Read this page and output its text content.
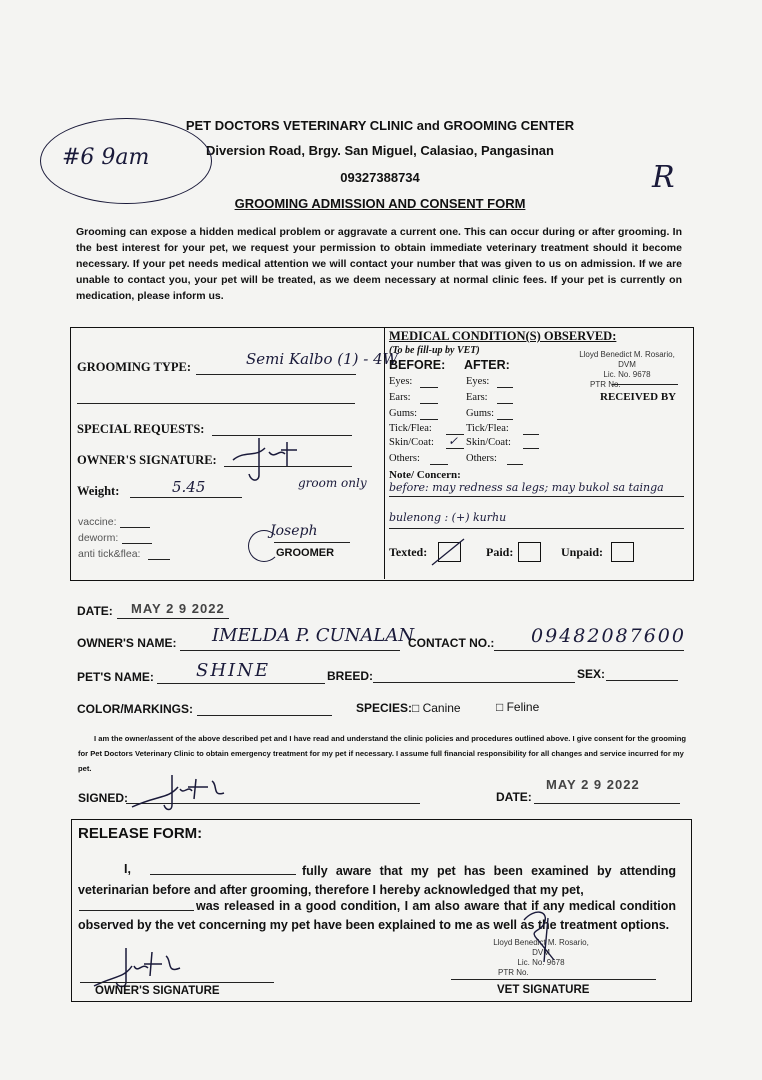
PET DOCTORS VETERINARY CLINIC and GROOMING CENTER
Diversion Road, Brgy. San Miguel, Calasiao, Pangasinan
09327388734
GROOMING ADMISSION AND CONSENT FORM
#6 9am
R
Grooming can expose a hidden medical problem or aggravate a current one. This can occur during or after grooming. In the best interest for your pet, we request your permission to obtain immediate veterinary treatment should it become necessary. If your pet needs medical attention we will contact your number that was given to us on admission. If we are unable to contact you, your pet will be treated, as we deem necessary at normal clinic fees. If your pet is currently on medication, please inform us.
GROOMING TYPE:	Semi Kalbo (1) - 4W
SPECIAL REQUESTS:
OWNER'S SIGNATURE:
Weight:	5.45	groom only
vaccine:
deworm:
anti tick&flea:
Joseph
GROOMER
MEDICAL CONDITION(S) OBSERVED:
(To be fill-up by VET)
BEFORE: AFTER:
Eyes:	Eyes:
Ears:	Ears:
Gums:	Gums:
Tick/Flea:	Tick/Flea:
Skin/Coat:	Skin/Coat:
Others:	Others:
✓
Lloyd Benedict M. Rosario, DVM
Lic. No. 9678
PTR No.
RECEIVED BY
Note/ Concern:
before: may redness sa legs; may bukol sa tainga
bulenong : (+) kurhu
Texted:	Paid:	Unpaid:
DATE: MAY 2 9 2022
OWNER'S NAME: IMELDA P. CUNALAN
CONTACT NO.: 09482087600
PET'S NAME: SHINE	BREED:	SEX:
COLOR/MARKINGS:	SPECIES: □ Canine	□ Feline
I am the owner/assent of the above described pet and I have read and understand the clinic policies and procedures outlined above. I give consent for the grooming for Pet Doctors Veterinary Clinic to obtain emergency treatment for my pet if necessary. I assume full financial responsibility for all changes and service incurred for my pet.
SIGNED:	DATE:
MAY 2 9 2022
RELEASE FORM:
I,	fully aware that my pet has been examined by attending veterinarian before and after grooming, therefore I hereby acknowledged that my pet,
was released in a good condition, I am also aware that if any medical condition observed by the vet concerning my pet have been explained to me as well as the treatment options.
Lloyd Benedict M. Rosario, DVM
Lic. No. 9678
PTR No.
OWNER'S SIGNATURE	VET SIGNATURE
